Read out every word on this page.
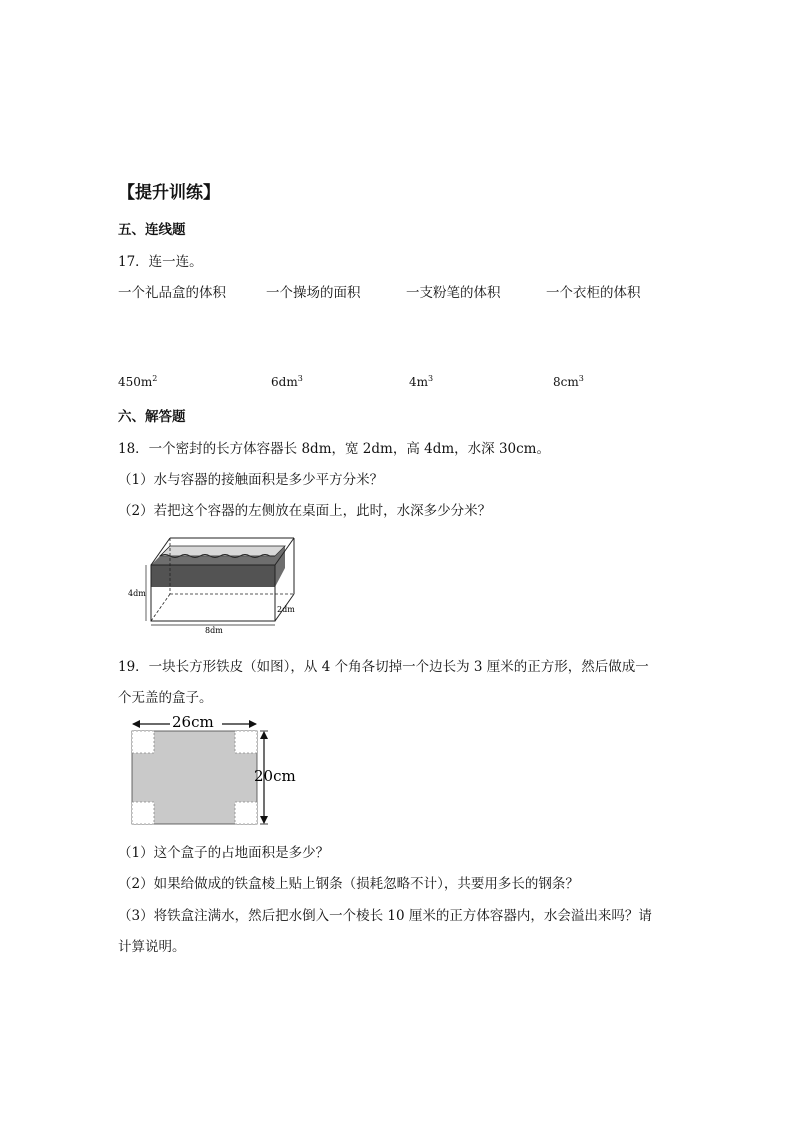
【提升训练】
五、连线题
17．连一连。
一个礼品盒的体积	一个操场的面积	一支粉笔的体积	一个衣柜的体积
$450m^2$	$6dm^3$	$4m^3$	$8cm^3$
六、解答题
18．一个密封的长方体容器长 8dm，宽 2dm，高 4dm，水深 30cm。
（1）水与容器的接触面积是多少平方分米？
（2）若把这个容器的左侧放在桌面上，此时，水深多少分米？
4dm
2dm
8dm
19．一块长方形铁皮（如图），从 4 个角各切掉一个边长为 3 厘米的正方形，然后做成一
个无盖的盒子。
26cm
20cm
（1）这个盒子的占地面积是多少？
（2）如果给做成的铁盒棱上贴上钢条（损耗忽略不计），共要用多长的钢条？
（3）将铁盒注满水，然后把水倒入一个棱长 10 厘米的正方体容器内，水会溢出来吗？请
计算说明。
